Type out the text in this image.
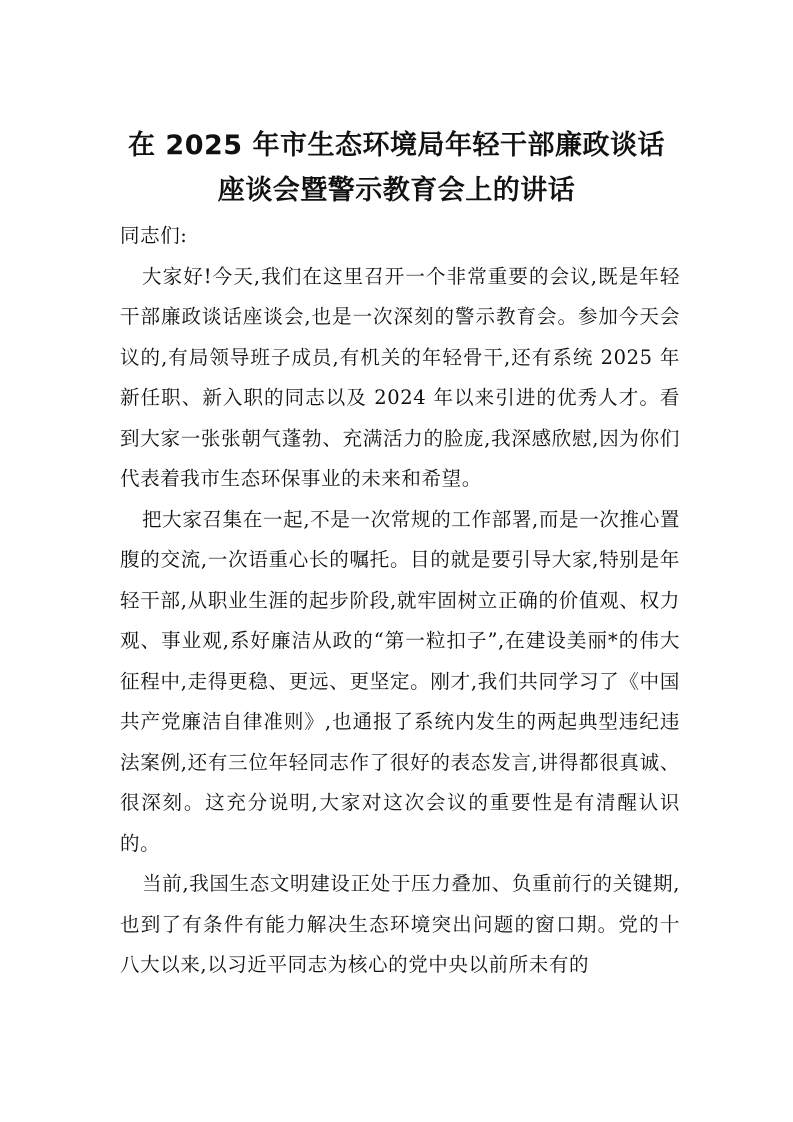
在 2025 年市生态环境局年轻干部廉政谈话
座谈会暨警示教育会上的讲话

同志们:

大家好!今天,我们在这里召开一个非常重要的会议,既是年轻干部廉政谈话座谈会,也是一次深刻的警示教育会。参加今天会议的,有局领导班子成员,有机关的年轻骨干,还有系统 2025 年新任职、新入职的同志以及 2024 年以来引进的优秀人才。看到大家一张张朝气蓬勃、充满活力的脸庞,我深感欣慰,因为你们代表着我市生态环保事业的未来和希望。

把大家召集在一起,不是一次常规的工作部署,而是一次推心置腹的交流,一次语重心长的嘱托。目的就是要引导大家,特别是年轻干部,从职业生涯的起步阶段,就牢固树立正确的价值观、权力观、事业观,系好廉洁从政的“第一粒扣子”,在建设美丽*的伟大征程中,走得更稳、更远、更坚定。刚才,我们共同学习了《中国共产党廉洁自律准则》,也通报了系统内发生的两起典型违纪违法案例,还有三位年轻同志作了很好的表态发言,讲得都很真诚、很深刻。这充分说明,大家对这次会议的重要性是有清醒认识的。

当前,我国生态文明建设正处于压力叠加、负重前行的关键期,也到了有条件有能力解决生态环境突出问题的窗口期。党的十八大以来,以习近平同志为核心的党中央以前所未有的
